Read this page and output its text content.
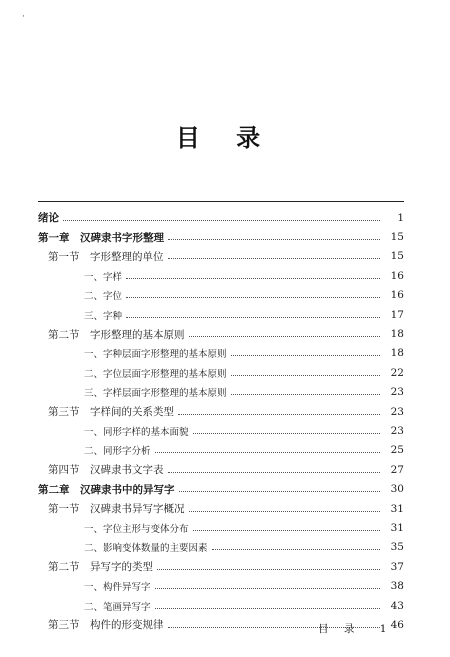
·
目 录
绪论	1
第一章　汉碑隶书字形整理	15
第一节　字形整理的单位	15
一、字样	16
二、字位	16
三、字种	17
第二节　字形整理的基本原则	18
一、字种层面字形整理的基本原则	18
二、字位层面字形整理的基本原则	22
三、字样层面字形整理的基本原则	23
第三节　字样间的关系类型	23
一、同形字样的基本面貌	23
二、同形字分析	25
第四节　汉碑隶书文字表	27
第二章　汉碑隶书中的异写字	30
第一节　汉碑隶书异写字概况	31
一、字位主形与变体分布	31
二、影响变体数量的主要因素	35
第二节　异写字的类型	37
一、构件异写字	38
二、笔画异写字	43
第三节　构件的形变规律	46
目 录 1
